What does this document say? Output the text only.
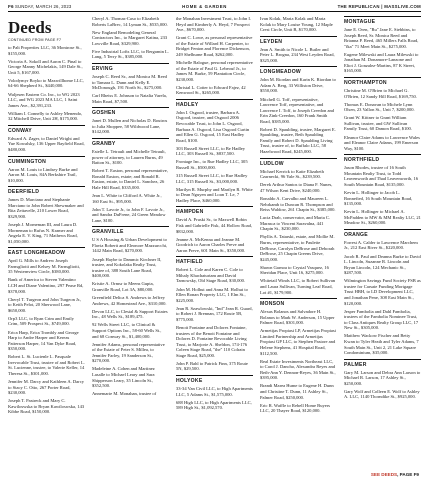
F6 SUNDAY, MARCH 26, 2023	HOME & GARDEN	THE REPUBLICAN | MASSLIVE.COM
Deeds
CONTINUED FROM PAGE F7

to Palt Properties LLC, 36 Montrose St., $155,000.

Victoria A. Sokoll and Aaron C. Pinal to George Manny Michelakis, 149 Dale St., Unit 5, $167,000.

Volodymyr Boyko to Maxwillhome LLC, 64-66 Shepherd St., $440,000.

Waljesen Eastern Co. Inc., to WG 2023 LLC, and WG 2023 MA LLC, 1 Saint James Ave., $2,391,233.

William I. Connelly to Ashley Menendo, 32 Mitchell Drive, Unit 2H, $175,000.

CONWAY

Edward A. Zager, to Daniel Wright and Yue Kowalsky, 136 Upper Bayfield Road, $480,000.

CUMMINGTON

Aaron M. Louis to Lindsey Burke and Aaron M. Louis, 84A Berkshire Trail, $10,000.

DEERFIELD

James D. Marciano and Stephanie Marciano to John Robert Shewmaker and Rita Zeitavelle, 210 Lower Road, $329,900.

Joseph J. Morneman III, and Laura D. Morneman to Rufus N. Kramer and Angela E. V. King, 71 Mathews Road, $1,050,000.

EAST LONGMEADOW

April G. Mills to Andrew Joseph Farnsgliotti and Kelsey M. Farnsgliotti, 35 Westernview Circle, $380,000.

Bank of America to Steven Valentino LCH and Diane Valentino, 297 Pease Rd, $378,000.

Cheryl T. Turgeon and John Turgeon Jr., to Keith Pelot, 20 Sherwood Lane, $650,000.

Orp3 LLC, to Ryan Crim and Emily Crim, 509 Prospect St., $749,000.

Erica Harp, Erica Trombly and George Harp to Andre Harper and Kereas Patterson Harper, 14 Van Dyke Road, $350,000.

Robert L. St. Lucienle L. Pasquale Irrevocable Trust, trustee of and Robert L. St. Lucienne, trustee, to Valerie Keller, 14 Theresa St., $301,000.

Jennifer M. Darcy and Kathleen A. Darcy to Stacy C. Otto, 267 Porter Road, $230,000.

Joseph T. Pastreck and Mary C. Kawiloswska to Bryan Kawiloswska, 143 Kibbe Road, $150,000.

Cheryl A. Thomas-Caso to Elizabeth Roberts LaBrec, 14 Lyman St., $535,000.

New England Remodeling General Contractors Inc., to Margaret Katina, 233 Lowville Road, $329,900.

Five Industrial Lofts LLC, to Bergamin L. Lang, 5 Terry St., $385,000.

ERVING

Joseph C. Reed Sr., and Monica M. Reed to Tamara L. Dunn and Kelly E. McDonough, 191 North St., $275,000.

Carl Rheiss E. Johnson to Natalia Varela, Main Road, $7,500.

GOSHEN

Janet D. Mullen and Nicholas D. Boutros to Julia Shoppee, 58 Wildwood Lane, $142,000.

GRANBY

Estelle L. Tetrault and Michelle Tetrault, power of attorney, to Lauren Burns, 49 Batton St., $100.

Robert T. Easton, personal representative, Ronald Easton, estate; and Ronald R. Easton, estate, to Daniel L. Sanchez, 26 Hale Hill Road, $335,000.

Jean L. White to Clifford A. White Jr., 160 East St., $95,000.

John T. Lavoie Jr., to John F. Lavoie Jr., and Sandra DuFrene, 24 Green Meadow Lane, $100.

GRANVILLE

U S A Housing & Urban Development to Flavia Robertt and Eleonore Mazzurcchi, 1442 Main Road, $270,000.

Joseph Haybe to Dammic Kirchner II, trustee, and Kokolaka Realty Trust, trustee of, 388 South Lane Road, $400,000.

Kristie A. Ormsr to Meens Gupta, Granville Road, Lot 3A, $80,000.

Greenfield Delica S. Andrews to Jeffrey Andrews, 42 Homestead Ave., $310,000.

Devon LLC, to Clesial & Support Estates Inc., 48 Wells St., $189,475.

92 Wells Street LLC, to Clinical & Support Options Inc., 58-60 Wells St., and 68 Conway St., $1,400,000.

Jennifer Adams, personal representative of the Estate of Peter S. Millea, to Jennifer Farley, 19 Sanderson St., $270,000.

Madeleine A. Cohen and Martinez Lasalle to Michael Leary and Sara Shipperson Leary, 35 Lincoln St., $352,500.

Annemarie M. Monahan, trustee of

the Monahan Investment Trust, to John I. Heyd and Kimberly A. Heyd, 7 Prospect Ave., $670,000.

Grant C. Lowe, as personal representative of the Estate of Willard H. Carpenter, to Bridget Fenton and Florence Dickenson, 249 Shelburne Road, $262,000.

Michelle Balogue, personal representative of the Estate of Paul G. Lebeouf Jr., to James M. Burke, 59 Plantation Circle, $230,000.

Christal L. Cotter to Edward Fajez, 42 Kenwood St., $265,000.

HADLEY

John I. Osgood, trustee, Barbara A. Osgood, trustee, and Osgood 2006 Revocable Trust, to John L. Osgood, Barbara A. Osgood, Lisa Osgood Curtin and Ellen G. Osgood, 15 East Hadley Road, $100.

303 Russell Street LLC, to Be Hadley LLC, 303 Russell St., $837,500.

Frontage Inc., to Rue Hadley LLC, 305 Russell St., $500,000.

315 Russell Street LLC, to Rue Hadley LLC, 315 Russell St., $3,000,000.

Marilyn R. Murphy and Marilyn R. White to Dean Nguyen and Loan T. Le, 7 Hadley Place, $460,000.

HAMPDEN

David A. Pruski Sr., to Maxwell Robin Fisk and Gabrielle Fisk, 44 Hollow Road, $832,000.

Jeanne A. McKenna and Jeanne M. Goodrich to Aaron Charles Preve and Aaron Preve, 601 Main St., $350,000.

HATFIELD

Robert L. Cole and Karen C. Cole to Mihaly Khachaturiam and David Tarnowsky, Old Stage Road, $30,000.

John M. Holhut and Anna M. Holhut to Ellen Ronan Property LLC, 1 Elm St., $225,000.

Jean R. Szawlowski, "Ind" Jean R. Guard, to Robert J. Brennan, 172 Route 5B, $775,000.

Benoit Fontaine and Dolores Fontaine, trustees of the Benoit Fontaine and Dolores D. Fontaine Revocable Living Trust, to Marjorie A. Sheldon, 174-176 Coleen Stage Road, "the" 110 Colrain Stage Road, $25,000.

John P. Bahl to Patrick Finn, 375 Route 5N, $29,500.

HOLYOKE

33-34 Van Civil LLC, to High Apartments LLC, 5 Adams St., $1,575,000.

688 High LLC, to High Apartments LLC, 589 High St., $1,092,570.

Ivan Kolak, Maria Kolak and Maria Kolak to Mary Louise Young, 12 Maple Crest Circle, Unit B, $170,000.

LEYDEN

Jean A. Smith to Nicole L. Butler and Peter L. Brogna, 234 West Leyden Road, $325,000.

LONGMEADOW

John M. Riordan and Karin K. Riordan to Adam A. Berg, 33 Williston Drive, $550,000.

Mitchell G. Toff, representative, Lawrence Toff, representative, and Lawrence I. Toff, to Joseph Creedon and Erin Zink-Creedon, 160 Frank Smith Road, $385,000.

Robert D. Spaulding, trustee, Margaret E. Spaulding, trustee, Beth Spaulding Family and Robert D. Spaulding Living Trust, trustee of, to Buffalo LLC, 58 Hazelwood Road, $245,000.

LUDLOW

Michael Kerrick to Katie Elizabeth Czarnecki, 96 Yale St., $239,500.

Derek Arthur Santos to Diana F. Nunes, 47 Wilson Kent Drive, $240,000.

Ronaldo A. Carvalho and Maureen L. Nehrkamb to Duncan R. Thompson and Reiss Waldow, 261 Chapin St., $385,000.

Lucia Drab, conservator, and Maria C. Marasca to Vincent Saravalna, 441 Chapin St., $230,000.

Phyllis A. Tatarski, estate, and Mollie M. Burns, representative, to Paulette DeBrose, Carolyn DeBrose and Deborah DeBrose, 25 Chapin Greens Drive, $245,000.

Shawn Garnoa to Crystal Vasquez, 16 Sheridan Place, Unit 16, $275,000.

Whitetail Winds LLC, to Robert Sullivan and Laura Sullivan, Turning Leaf Road, Lot #1, $179,900.

MONSON

Alexas Bolanos and Salvadore H. Bolanos to Mark W. Anderson, 15 Upper Palmer Road, $301,000.

Armetijas Propiasi LP, Armetijas Propiasi Limited Partnership and Armetijas Propiasi GP LLC, to Stephen Pastore and Helene Stephens, 41 Hospital Road, $112,500.

Real Estate Investments Northeast LLC, to Carol J. Dancho, Alexandra Reyes and Beth-Ann Y. Dennon-Reyes, 36 Main St., $395,000.

Brandi Marea Hume to Eugene H. Dunn and Christine T. Dunn, 11 Ashley St., Palmer Road, $250,000.

Eric R. Waffle to Rebell Home Buyers LLC, 20 Thayer Road, $120,000.

MONTAGUE

Jane E. Oren, "Ru" Jane E. Stebbins, to Joseph Reed, Sr. Monica Reed and Brianna P. Reed, 465 Millers Falls Road, "fka" 71 Meet Main St., $275,000.

Eugene Milewski and Laura Milewski to Jonathan M. Donamore-Lanzone and Eliot J. Gonzalez-Martins, 87 K Street, $165,000.

NORTHAMPTON

Christine M. O'Brien to Michael G. O'Brien, 12 Sandy Hill Road, $169,750.

Thomas E. Donavan to Michele Lynn Olsen, 23 Vallon St., Unit 7, $200,000.

Grant W. Kittner to Grant William Sullivan, trustee, and GW Sullivan Family Trust, 60 Damon Road, $100.

Eleanor Claire Adams to Lawrence Wales and Eleanor Claire Adams, 199 Emerson Way, $100.

NORTHFIELD

Jason Rhodes, trustee of 16 South Mountain Realty Trust, to Todd Leavenworth and Thad Leavenworth, 16 South Mountain Road, $135,000.

Kevin L. Hollinger to Jacob L. Bonnefied, 16 South Mountain Road, $135,000.

Kevin L. Hollinger to Michael A. McPadden to MW & MM Realty LLC, 21 Meadow St., $260,000.

ORANGE

Forrest A. Calder to Lawrence Marchem Jr., 212 East River St., $220,000.

Jacob R. Paul and Deanna Burke to David L. Lincoln, Suzanne R. Lincoln and Bryan Lincoln, 124 Mechanic St., $287,500.

Wilmington Savings Fund Society FSB as trustee for Carsaie Funding Mortgage Trust HBH, to LD Development LLC, and Jonathan Pene, 308 East Main St., $120,000.

Jesper Fambolia and Dahl Fambolia, trustees of the Fambolia Nominee Trust, to Class Antiques Realty Group LLC, 17 New St., $305,000.

Matthew Wackow Fischer and Betty Kwan to Tyler Heath and Tyler Adams, 7 South Main St., Unit 2, 21 Lake Square Condominium, $35,000.

PALMER

Gary M. Larson and Debra Ann Larson to Michael R. Larson, 17 Ashley St., $250,000.

Gary Wolf and Colleen E. Wolf to Ashley A. LLC, 1140 Thorndike St., $925,000.

SEE DEEDS, PAGE F9
